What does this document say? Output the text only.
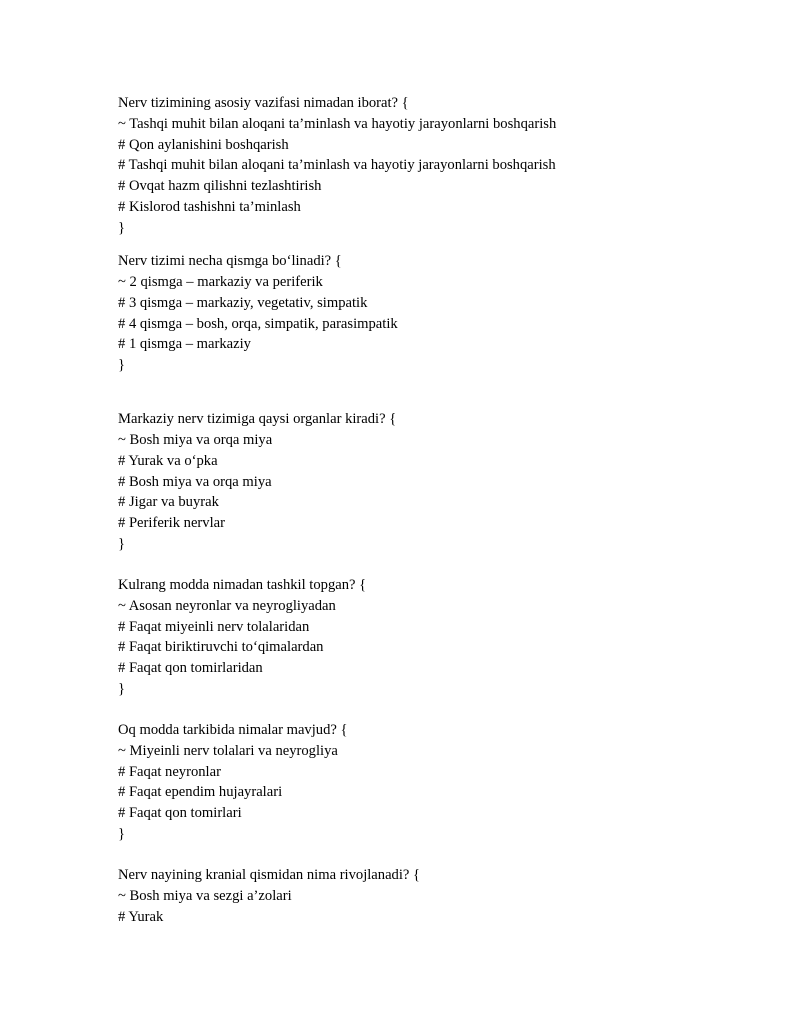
Nerv tizimining asosiy vazifasi nimadan iborat? {
~ Tashqi muhit bilan aloqani ta’minlash va hayotiy jarayonlarni boshqarish
# Qon aylanishini boshqarish
# Tashqi muhit bilan aloqani ta’minlash va hayotiy jarayonlarni boshqarish
# Ovqat hazm qilishni tezlashtirish
# Kislorod tashishni ta’minlash
}
Nerv tizimi necha qismga bo‘linadi? {
~ 2 qismga – markaziy va periferik
# 3 qismga – markaziy, vegetativ, simpatik
# 4 qismga – bosh, orqa, simpatik, parasimpatik
# 1 qismga – markaziy
}
Markaziy nerv tizimiga qaysi organlar kiradi? {
~ Bosh miya va orqa miya
# Yurak va o‘pka
# Bosh miya va orqa miya
# Jigar va buyrak
# Periferik nervlar
}
Kulrang modda nimadan tashkil topgan? {
~ Asosan neyronlar va neyrogliyadan
# Faqat miyeinli nerv tolalaridan
# Faqat biriktiruvchi to‘qimalardan
# Faqat qon tomirlaridan
}
Oq modda tarkibida nimalar mavjud? {
~ Miyeinli nerv tolalari va neyrogliya
# Faqat neyronlar
# Faqat ependim hujayralari
# Faqat qon tomirlari
}
Nerv nayining kranial qismidan nima rivojlanadi? {
~ Bosh miya va sezgi a’zolari
# Yurak
